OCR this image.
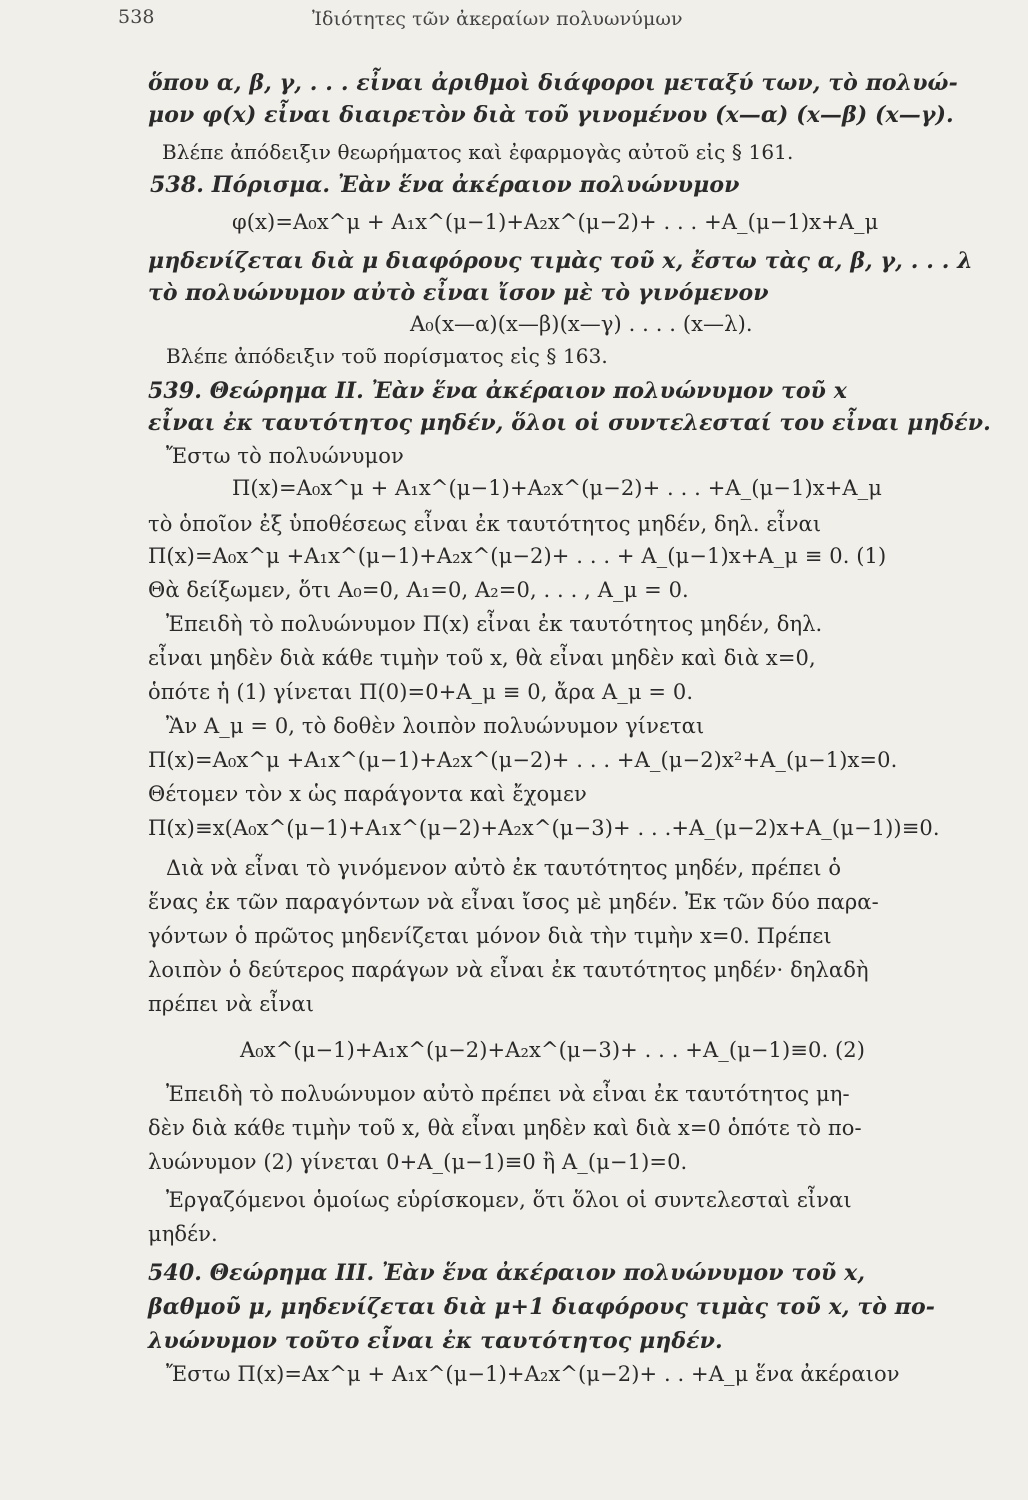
538	Ἰδιότητες τῶν ἀκεραίων πολυωνύμων
ὅπου α, β, γ, . . . εἶναι ἀριθμοὶ διάφοροι μεταξύ των, τὸ πολυώ-
μον φ(x) εἶναι διαιρετὸν διὰ τοῦ γινομένου (x—α) (x—β) (x—γ).
Βλέπε ἀπόδειξιν θεωρήματος καὶ ἐφαρμογὰς αὐτοῦ εἰς § 161.
538. Πόρισμα. Ἐὰν ἕνα ἀκέραιον πολυώνυμον
φ(x)=A₀x^μ + A₁x^(μ−1)+A₂x^(μ−2)+ . . . +A_(μ−1)x+A_μ
μηδενίζεται διὰ μ διαφόρους τιμὰς τοῦ x, ἔστω τὰς α, β, γ, . . . λ
τὸ πολυώνυμον αὐτὸ εἶναι ἴσον μὲ τὸ γινόμενον
A₀(x—α)(x—β)(x—γ) . . . . (x—λ).
Βλέπε ἀπόδειξιν τοῦ πορίσματος εἰς § 163.
539. Θεώρημα II. Ἐὰν ἕνα ἀκέραιον πολυώνυμον τοῦ x
εἶναι ἐκ ταυτότητος μηδέν, ὅλοι οἱ συντελεσταί του εἶναι μηδέν.
Ἔστω τὸ πολυώνυμον
Π(x)=A₀x^μ + A₁x^(μ−1)+A₂x^(μ−2)+ . . . +A_(μ−1)x+A_μ
τὸ ὁποῖον ἐξ ὑποθέσεως εἶναι ἐκ ταυτότητος μηδέν, δηλ. εἶναι
Π(x)=A₀x^μ +A₁x^(μ−1)+A₂x^(μ−2)+ . . . + A_(μ−1)x+A_μ ≡ 0. (1)
Θὰ δείξωμεν, ὅτι A₀=0, A₁=0, A₂=0, . . . , A_μ = 0.
Ἐπειδὴ τὸ πολυώνυμον Π(x) εἶναι ἐκ ταυτότητος μηδέν, δηλ.
εἶναι μηδὲν διὰ κάθε τιμὴν τοῦ x, θὰ εἶναι μηδὲν καὶ διὰ x=0,
ὁπότε ἡ (1) γίνεται Π(0)=0+A_μ ≡ 0, ἄρα A_μ = 0.
Ἂν A_μ = 0, τὸ δοθὲν λοιπὸν πολυώνυμον γίνεται
Π(x)=A₀x^μ +A₁x^(μ−1)+A₂x^(μ−2)+ . . . +A_(μ−2)x²+A_(μ−1)x=0.
Θέτομεν τὸν x ὡς παράγοντα καὶ ἔχομεν
Π(x)≡x(A₀x^(μ−1)+A₁x^(μ−2)+A₂x^(μ−3)+ . . .+A_(μ−2)x+A_(μ−1))≡0.
Διὰ νὰ εἶναι τὸ γινόμενον αὐτὸ ἐκ ταυτότητος μηδέν, πρέπει ὁ
ἕνας ἐκ τῶν παραγόντων νὰ εἶναι ἴσος μὲ μηδέν. Ἐκ τῶν δύο παρα-
γόντων ὁ πρῶτος μηδενίζεται μόνον διὰ τὴν τιμὴν x=0. Πρέπει
λοιπὸν ὁ δεύτερος παράγων νὰ εἶναι ἐκ ταυτότητος μηδέν· δηλαδὴ
πρέπει νὰ εἶναι
A₀x^(μ−1)+A₁x^(μ−2)+A₂x^(μ−3)+ . . . +A_(μ−1)≡0. (2)
Ἐπειδὴ τὸ πολυώνυμον αὐτὸ πρέπει νὰ εἶναι ἐκ ταυτότητος μη-
δὲν διὰ κάθε τιμὴν τοῦ x, θὰ εἶναι μηδὲν καὶ διὰ x=0 ὁπότε τὸ πο-
λυώνυμον (2) γίνεται 0+A_(μ−1)≡0 ἢ A_(μ−1)=0.
Ἐργαζόμενοι ὁμοίως εὑρίσκομεν, ὅτι ὅλοι οἱ συντελεσταὶ εἶναι
μηδέν.
540. Θεώρημα III. Ἐὰν ἕνα ἀκέραιον πολυώνυμον τοῦ x,
βαθμοῦ μ, μηδενίζεται διὰ μ+1 διαφόρους τιμὰς τοῦ x, τὸ πο-
λυώνυμον τοῦτο εἶναι ἐκ ταυτότητος μηδέν.
Ἔστω Π(x)=Ax^μ + A₁x^(μ−1)+A₂x^(μ−2)+ . . +A_μ ἕνα ἀκέραιον
